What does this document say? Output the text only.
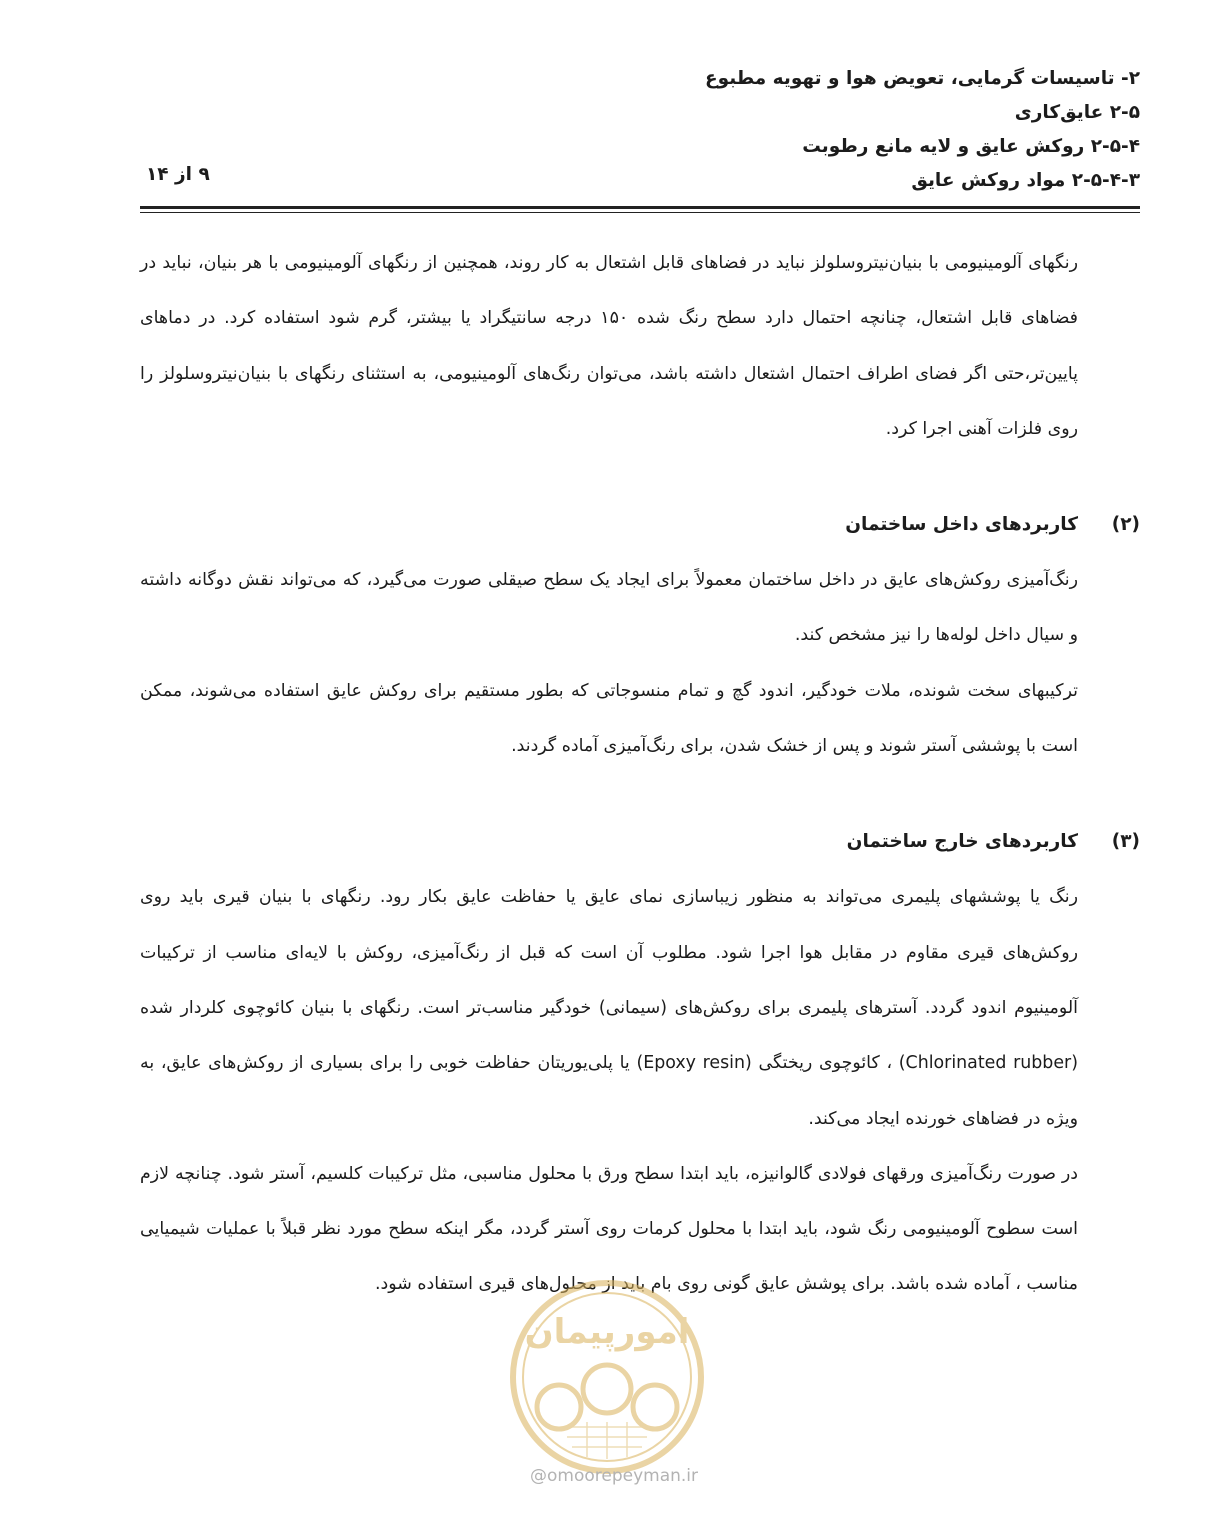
۲- تاسیسات گرمایی، تعویض هوا و تهویه مطبوع
۲-۵ عایق‌کاری
۲-۵-۴ روکش عایق و لایه مانع رطوبت
۲-۵-۴-۳ مواد روکش عایق
۹ از ۱۴

رنگهای آلومینیومی با بنیان‌نیتروسلولز نباید در فضاهای قابل اشتعال به کار روند، همچنین از رنگهای آلومینیومی با هر بنیان، نباید در فضاهای قابل اشتعال، چنانچه احتمال دارد سطح رنگ شده ۱۵۰ درجه سانتیگراد یا بیشتر، گرم شود استفاده کرد. در دماهای پایین‌تر،حتی اگر فضای اطراف احتمال اشتعال داشته باشد، می‌توان رنگ‌های آلومینیومی، به استثنای رنگهای با بنیان‌نیتروسلولز را روی فلزات آهنی اجرا کرد.

(۲)
کاربردهای داخل ساختمان

رنگ‌آمیزی روکش‌های عایق در داخل ساختمان معمولاً برای ایجاد یک سطح صیقلی صورت می‌گیرد، که می‌تواند نقش دوگانه داشته و سیال داخل لوله‌ها را نیز مشخص کند.

ترکیبهای سخت شونده، ملات خودگیر، اندود گچ و تمام منسوجاتی که بطور مستقیم برای روکش عایق استفاده می‌شوند، ممکن است با پوششی آستر شوند و پس از خشک شدن، برای رنگ‌آمیزی آماده گردند.

(۳)
کاربردهای خارج ساختمان

رنگ یا پوششهای پلیمری می‌تواند به منظور زیباسازی نمای عایق یا حفاظت عایق بکار رود. رنگهای با بنیان قیری باید روی روکش‌های قیری مقاوم در مقابل هوا اجرا شود. مطلوب آن است که قبل از رنگ‌آمیزی، روکش با لایه‌ای مناسب از ترکیبات آلومینیوم اندود گردد. آسترهای پلیمری برای روکش‌های (سیمانی) خودگیر مناسب‌تر است. رنگهای با بنیان کائوچوی کلردار شده (Chlorinated rubber) ، کائوچوی ریختگی (Epoxy resin) یا پلی‌یوریتان حفاظت خوبی را برای بسیاری از روکش‌های عایق، به ویژه در فضاهای خورنده ایجاد می‌کند.

در صورت رنگ‌آمیزی ورقهای فولادی گالوانیزه، باید ابتدا سطح ورق با محلول مناسبی، مثل ترکیبات کلسیم، آستر شود. چنانچه لازم است سطوح آلومینیومی رنگ شود، باید ابتدا با محلول کرمات روی آستر گردد، مگر اینکه سطح مورد نظر قبلاً با عملیات شیمیایی مناسب ، آماده شده باشد. برای پوشش عایق گونی روی بام باید از محلول‌های قیری استفاده شود.

امورپیمان
@omoorepeyman.ir
